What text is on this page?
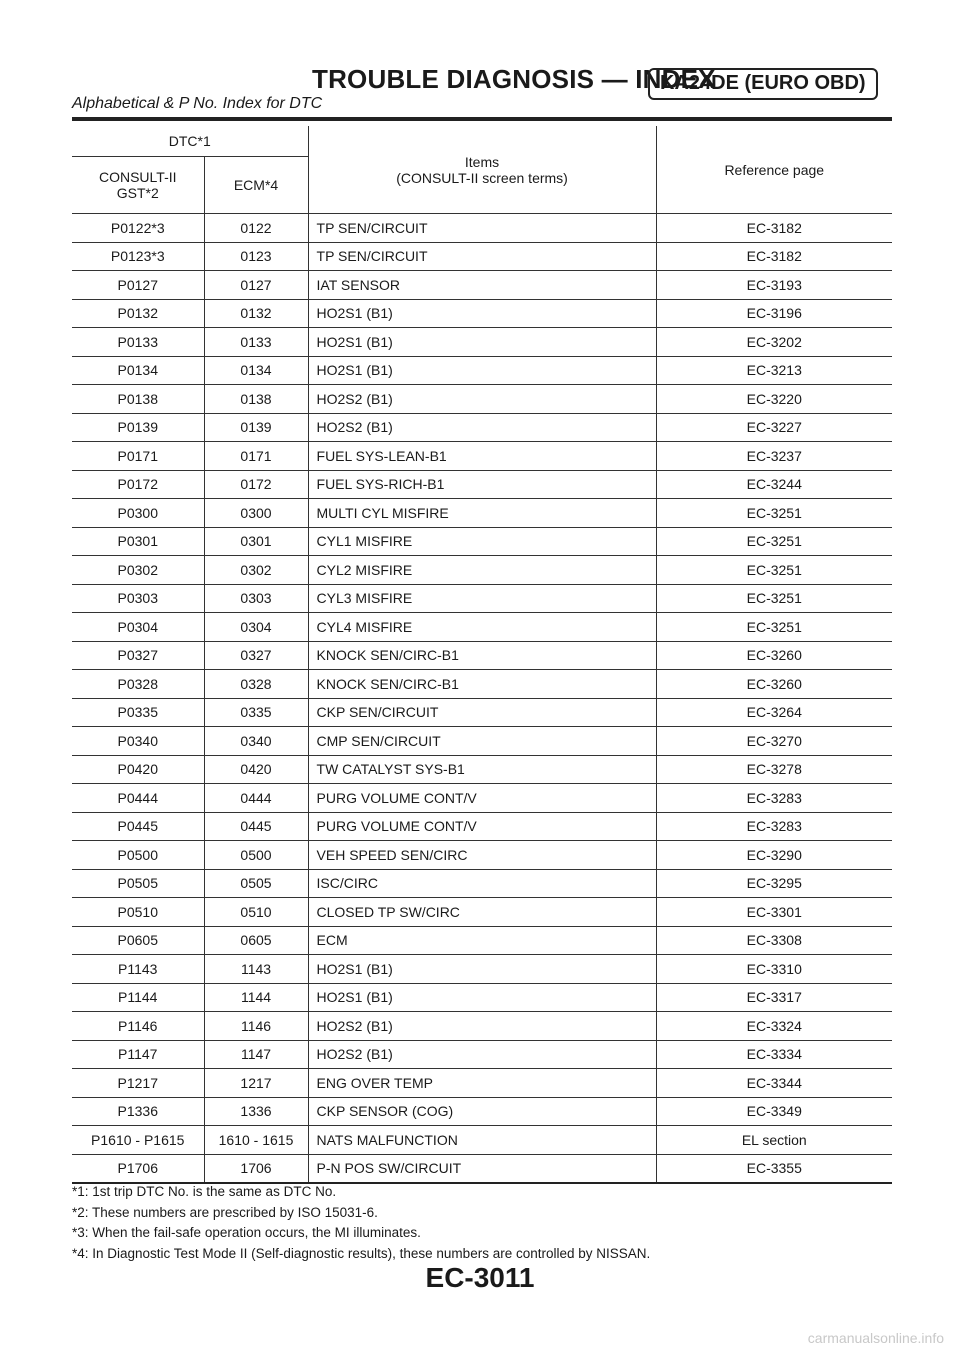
TROUBLE DIAGNOSIS — INDEX
KA24DE (EURO OBD)
Alphabetical & P No. Index for DTC
DTC*1		Items
(CONSULT-II screen terms)	Reference page

CONSULT-II
GST*2	ECM*4		
P0122*3	0122	TP SEN/CIRCUIT	EC-3182
P0123*3	0123	TP SEN/CIRCUIT	EC-3182
P0127	0127	IAT SENSOR	EC-3193
P0132	0132	HO2S1 (B1)	EC-3196
P0133	0133	HO2S1 (B1)	EC-3202
P0134	0134	HO2S1 (B1)	EC-3213
P0138	0138	HO2S2 (B1)	EC-3220
P0139	0139	HO2S2 (B1)	EC-3227
P0171	0171	FUEL SYS-LEAN-B1	EC-3237
P0172	0172	FUEL SYS-RICH-B1	EC-3244
P0300	0300	MULTI CYL MISFIRE	EC-3251
P0301	0301	CYL1 MISFIRE	EC-3251
P0302	0302	CYL2 MISFIRE	EC-3251
P0303	0303	CYL3 MISFIRE	EC-3251
P0304	0304	CYL4 MISFIRE	EC-3251
P0327	0327	KNOCK SEN/CIRC-B1	EC-3260
P0328	0328	KNOCK SEN/CIRC-B1	EC-3260
P0335	0335	CKP SEN/CIRCUIT	EC-3264
P0340	0340	CMP SEN/CIRCUIT	EC-3270
P0420	0420	TW CATALYST SYS-B1	EC-3278
P0444	0444	PURG VOLUME CONT/V	EC-3283
P0445	0445	PURG VOLUME CONT/V	EC-3283
P0500	0500	VEH SPEED SEN/CIRC	EC-3290
P0505	0505	ISC/CIRC	EC-3295
P0510	0510	CLOSED TP SW/CIRC	EC-3301
P0605	0605	ECM	EC-3308
P1143	1143	HO2S1 (B1)	EC-3310
P1144	1144	HO2S1 (B1)	EC-3317
P1146	1146	HO2S2 (B1)	EC-3324
P1147	1147	HO2S2 (B1)	EC-3334
P1217	1217	ENG OVER TEMP	EC-3344
P1336	1336	CKP SENSOR (COG)	EC-3349
P1610 - P1615	1610 - 1615	NATS MALFUNCTION	EL section
P1706	1706	P-N POS SW/CIRCUIT	EC-3355
*1: 1st trip DTC No. is the same as DTC No.
*2: These numbers are prescribed by ISO 15031-6.
*3: When the fail-safe operation occurs, the MI illuminates.
*4: In Diagnostic Test Mode II (Self-diagnostic results), these numbers are controlled by NISSAN.
EC-3011
carmanualsonline.info
